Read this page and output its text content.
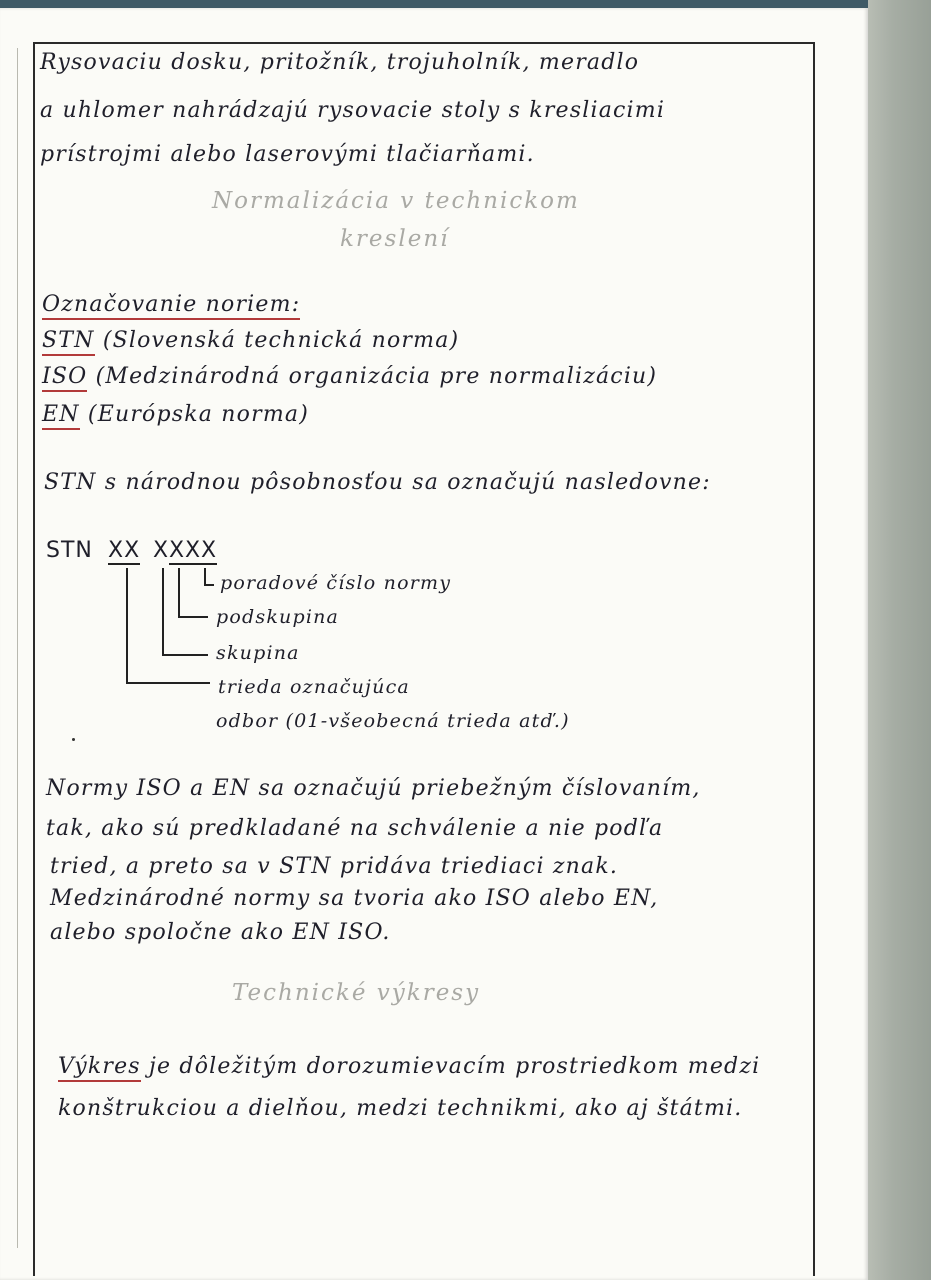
Rysovaciu dosku, pritožník, trojuholník, meradlo

a uhlomer nahrádzajú rysovacie stoly s kresliacimi

prístrojmi alebo laserovými tlačiarňami.

Normalizácia v technickom

kreslení

Označovanie noriem:

STN (Slovenská technická norma)

ISO (Medzinárodná organizácia pre normalizáciu)

EN (Európska norma)

STN s národnou pôsobnosťou sa označujú nasledovne:

STN XX X X X X

poradové číslo normy

podskupina

skupina

trieda označujúca

odbor (01-všeobecná trieda atď.)

Normy ISO a EN sa označujú priebežným číslovaním,

tak, ako sú predkladané na schválenie a nie podľa

tried, a preto sa v STN pridáva triediaci znak.

Medzinárodné normy sa tvoria ako ISO alebo EN,

alebo spoločne ako EN ISO.

Technické výkresy

Výkres je dôležitým dorozumievacím prostriedkom medzi

konštrukciou a dielňou, medzi technikmi, ako aj štátmi.
